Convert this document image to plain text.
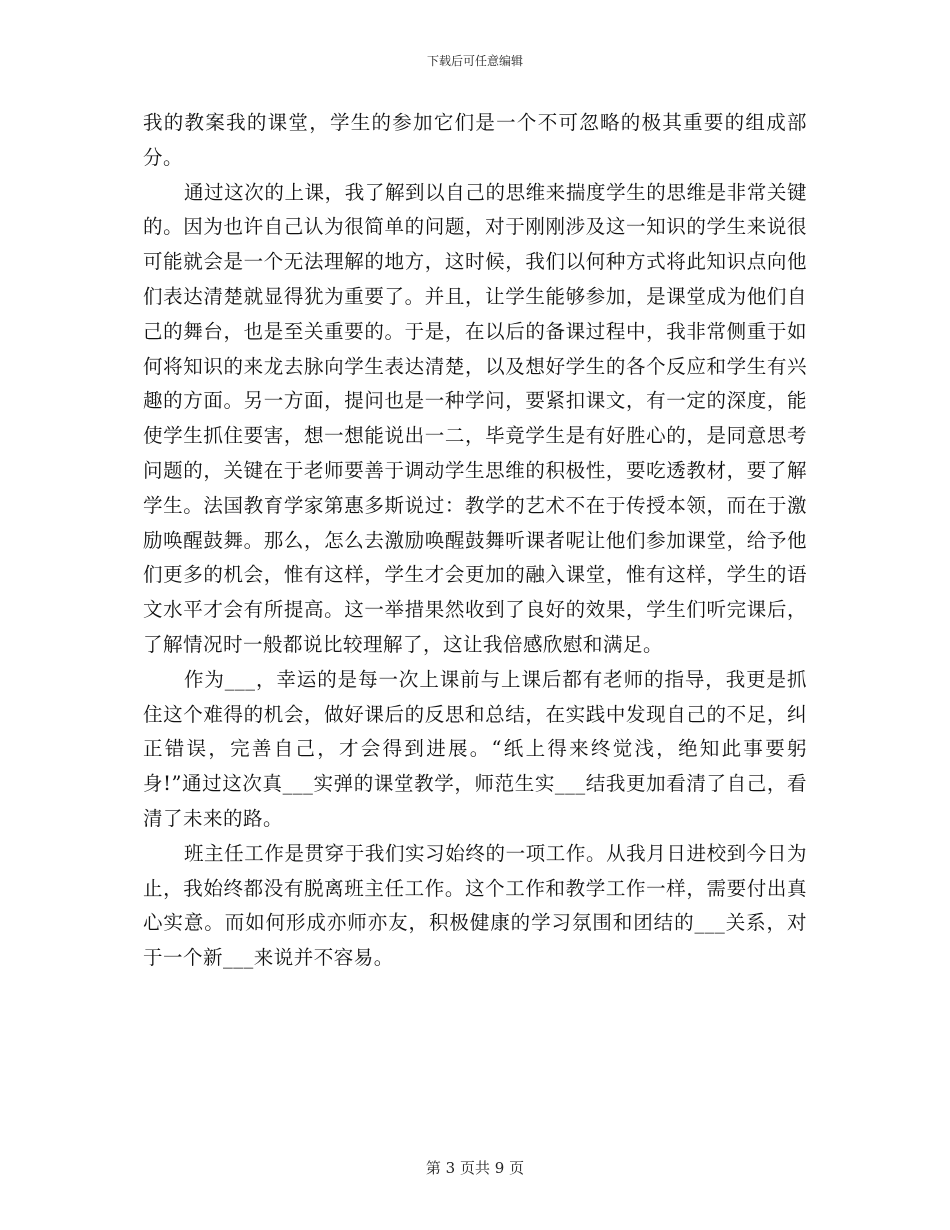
下载后可任意编辑

我的教案我的课堂，学生的参加它们是一个不可忽略的极其重要的组成部分。

通过这次的上课，我了解到以自己的思维来揣度学生的思维是非常关键的。因为也许自己认为很简单的问题，对于刚刚涉及这一知识的学生来说很可能就会是一个无法理解的地方，这时候，我们以何种方式将此知识点向他们表达清楚就显得犹为重要了。并且，让学生能够参加，是课堂成为他们自己的舞台，也是至关重要的。于是，在以后的备课过程中，我非常侧重于如何将知识的来龙去脉向学生表达清楚，以及想好学生的各个反应和学生有兴趣的方面。另一方面，提问也是一种学问，要紧扣课文，有一定的深度，能使学生抓住要害，想一想能说出一二，毕竟学生是有好胜心的，是同意思考问题的，关键在于老师要善于调动学生思维的积极性，要吃透教材，要了解学生。法国教育学家第惠多斯说过：教学的艺术不在于传授本领，而在于激励唤醒鼓舞。那么，怎么去激励唤醒鼓舞听课者呢让他们参加课堂，给予他们更多的机会，惟有这样，学生才会更加的融入课堂，惟有这样，学生的语文水平才会有所提高。这一举措果然收到了良好的效果，学生们听完课后，了解情况时一般都说比较理解了，这让我倍感欣慰和满足。

作为___，幸运的是每一次上课前与上课后都有老师的指导，我更是抓住这个难得的机会，做好课后的反思和总结，在实践中发现自己的不足，纠正错误，完善自己，才会得到进展。“纸上得来终觉浅，绝知此事要躬身!”通过这次真___实弹的课堂教学，师范生实___结我更加看清了自己，看清了未来的路。

班主任工作是贯穿于我们实习始终的一项工作。从我月日进校到今日为止，我始终都没有脱离班主任工作。这个工作和教学工作一样，需要付出真心实意。而如何形成亦师亦友，积极健康的学习氛围和团结的___关系，对于一个新___来说并不容易。

第 3 页共 9 页
